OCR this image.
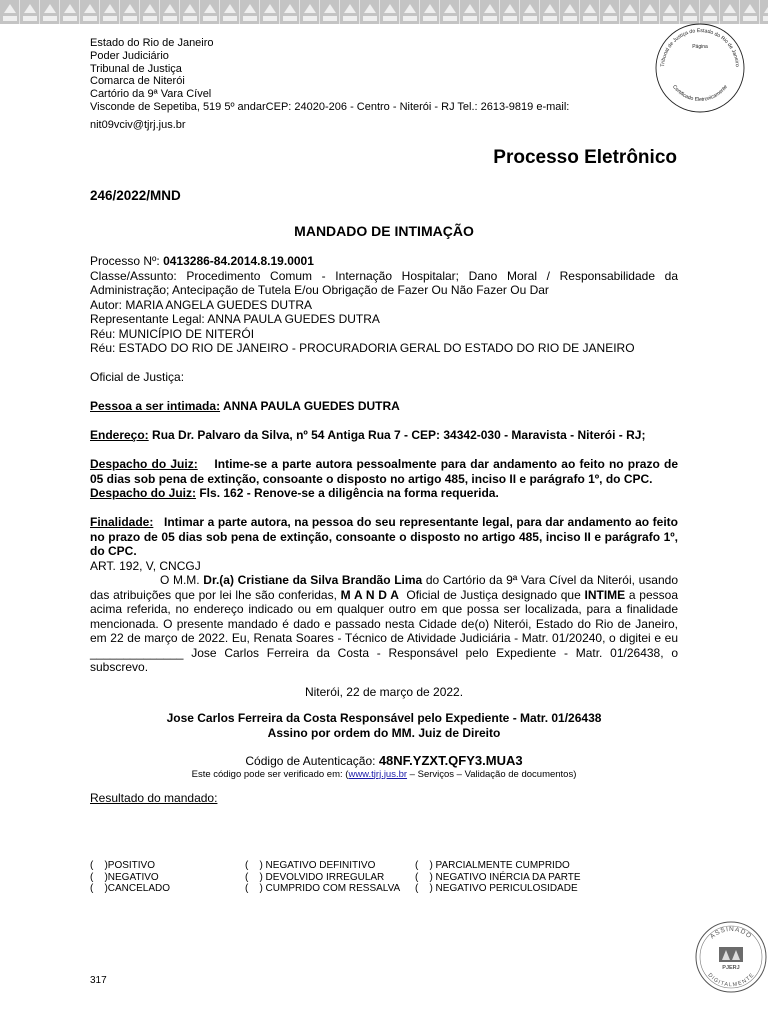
Estado do Rio de Janeiro
Poder Judiciário
Tribunal de Justiça
Comarca de Niterói
Cartório da 9ª Vara Cível
Visconde de Sepetiba, 519 5º andarCEP: 24020-206 - Centro - Niterói - RJ Tel.: 2613-9819 e-mail:
nit09vciv@tjrj.jus.br
Tribunal de Justiça do Estado do Rio de Janeiro
Página
Certificado Eletronicamente
Processo Eletrônico
246/2022/MND
MANDADO DE INTIMAÇÃO

Processo Nº: 0413286-84.2014.8.19.0001

Classe/Assunto: Procedimento Comum - Internação Hospitalar; Dano Moral / Responsabilidade da Administração; Antecipação de Tutela E/ou Obrigação de Fazer Ou Não Fazer Ou Dar

Autor: MARIA ANGELA GUEDES DUTRA

Representante Legal: ANNA PAULA GUEDES DUTRA

Réu: MUNICÍPIO DE NITERÓI

Réu: ESTADO DO RIO DE JANEIRO - PROCURADORIA GERAL DO ESTADO DO RIO DE JANEIRO

Oficial de Justiça:

Pessoa a ser intimada: ANNA PAULA GUEDES DUTRA

Endereço: Rua Dr. Palvaro da Silva, nº 54 Antiga Rua 7 - CEP: 34342-030 - Maravista - Niterói - RJ;

Despacho do Juiz:    Intime-se a parte autora pessoalmente para dar andamento ao feito no prazo de 05 dias sob pena de extinção, consoante o disposto no artigo 485, inciso II e parágrafo 1º, do CPC.

Despacho do Juiz: Fls. 162 - Renove-se a diligência na forma requerida.

Finalidade:   Intimar a parte autora, na pessoa do seu representante legal, para dar andamento ao feito no prazo de 05 dias sob pena de extinção, consoante o disposto no artigo 485, inciso II e parágrafo 1º, do CPC.

ART. 192, V, CNCGJ

O M.M. Dr.(a) Cristiane da Silva Brandão Lima do Cartório da 9ª Vara Cível da Niterói, usando das atribuições que por lei lhe são conferidas, M A N D A  Oficial de Justiça designado que INTIME a pessoa acima referida, no endereço indicado ou em qualquer outro em que possa ser localizada, para a finalidade mencionada. O presente mandado é dado e passado nesta Cidade de(o) Niterói, Estado do Rio de Janeiro, em 22 de março de 2022. Eu, Renata Soares - Técnico de Atividade Judiciária - Matr. 01/20240, o digitei e eu ______________ Jose Carlos Ferreira da Costa - Responsável pelo Expediente - Matr. 01/26438, o subscrevo.

Niterói, 22 de março de 2022.

Jose Carlos Ferreira da Costa Responsável pelo Expediente - Matr. 01/26438

Assino por ordem do MM. Juiz de Direito

Código de Autenticação: 48NF.YZXT.QFY3.MUA3

Este código pode ser verificado em: (www.tjrj.jus.br – Serviços – Validação de documentos)

Resultado do mandado:

(    )POSITIVO	(    ) NEGATIVO DEFINITIVO	(    ) PARCIALMENTE CUMPRIDO
(    )NEGATIVO	(    ) DEVOLVIDO IRREGULAR	(    ) NEGATIVO INÉRCIA DA PARTE
(    )CANCELADO	(    ) CUMPRIDO COM RESSALVA	(    ) NEGATIVO PERICULOSIDADE
317
ASSINADO
PJERJ
DIGITALMENTE
